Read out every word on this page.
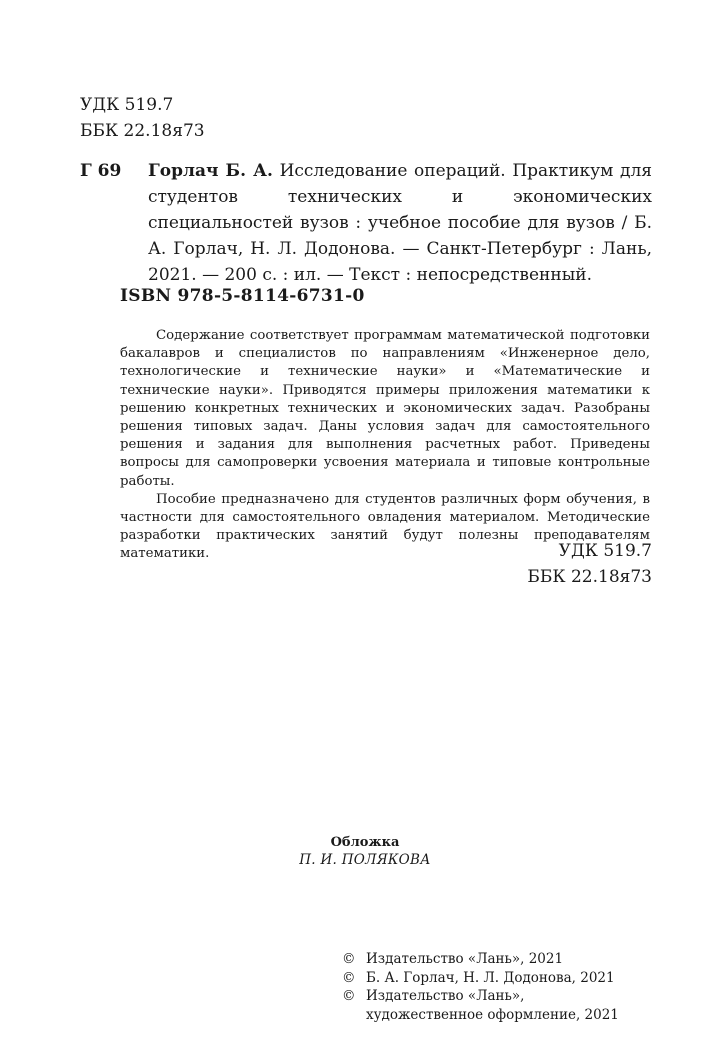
УДК 519.7
ББК 22.18я73
Г 69 Горлач Б. А. Исследование операций. Практикум для студентов технических и экономических специальностей вузов : учебное пособие для вузов / Б. А. Горлач, Н. Л. Додонова. — Санкт-Петербург : Лань, 2021. — 200 с. : ил. — Текст : непосредственный.
ISBN 978-5-8114-6731-0

Содержание соответствует программам математической подготовки бакалавров и специалистов по направлениям «Инженерное дело, технологические и технические науки» и «Математические и технические науки». Приводятся примеры приложения математики к решению конкретных технических и экономических задач. Разобраны решения типовых задач. Даны условия задач для самостоятельного решения и задания для выполнения расчетных работ. Приведены вопросы для самопроверки усвоения материала и типовые контрольные работы.

Пособие предназначено для студентов различных форм обучения, в частности для самостоятельного овладения материалом. Методические разработки практических занятий будут полезны преподавателям математики.	УДК 519.7
ББК 22.18я73
Обложка
П. И. ПОЛЯКОВА
© Издательство «Лань», 2021
© Б. А. Горлач, Н. Л. Додонова, 2021
© Издательство «Лань»,
художественное оформление, 2021
